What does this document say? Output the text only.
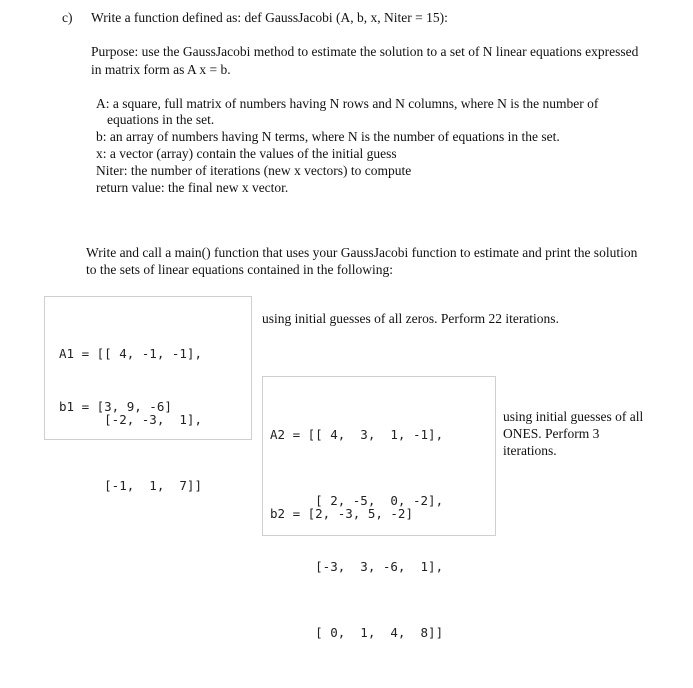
c) Write a function defined as: def GaussJacobi (A, b, x, Niter = 15):
Purpose: use the GaussJacobi method to estimate the solution to a set of N linear equations expressed
in matrix form as A x = b.
A: a square, full matrix of numbers having N rows and N columns, where N is the number of
equations in the set.
b: an array of numbers having N terms, where N is the number of equations in the set.
x: a vector (array) contain the values of the initial guess
Niter: the number of iterations (new x vectors) to compute
return value: the final new x vector.
Write and call a main() function that uses your GaussJacobi function to estimate and print the solution
to the sets of linear equations contained in the following:

A1 = [[ 4, -1, -1],

[-2, -3,  1],

[-1,  1,  7]]

b1 = [3, 9, -6]
using initial guesses of all zeros. Perform 22 iterations.

A2 = [[ 4,  3,  1, -1],

[ 2, -5,  0, -2],

[-3,  3, -6,  1],

[ 0,  1,  4,  8]]

b2 = [2, -3, 5, -2]
using initial guesses of all
ONES. Perform 3
iterations.
